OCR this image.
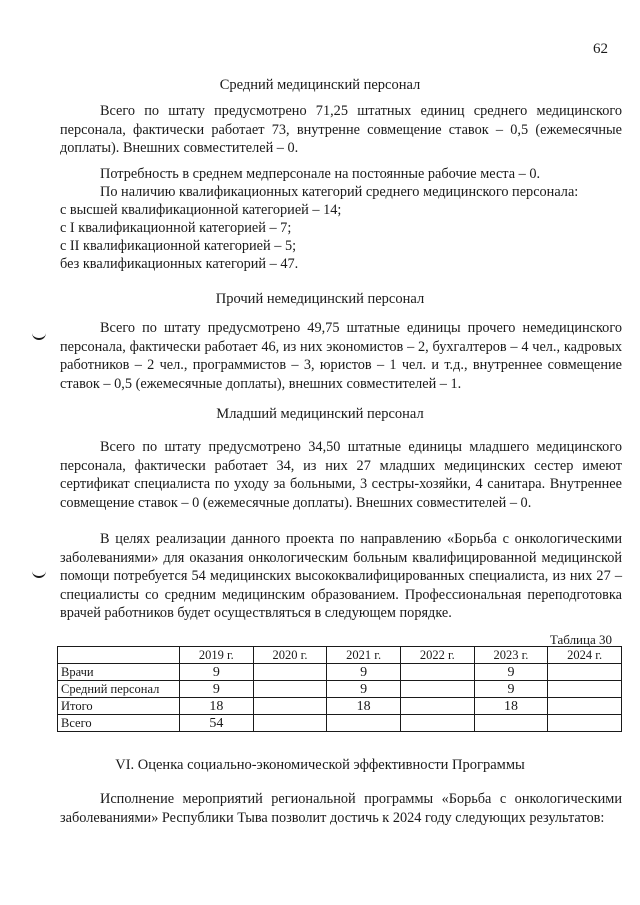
62
Средний медицинский персонал

Всего по штату предусмотрено 71,25 штатных единиц среднего медицинского персонала, фактически работает 73, внутренне совмещение ставок – 0,5 (ежемесячные доплаты). Внешних совместителей – 0.

Потребность в среднем медперсонале на постоянные рабочие места – 0.
По наличию квалификационных категорий среднего медицинского персонала:
с высшей квалификационной категорией – 14;
с I квалификационной категорией – 7;
с II квалификационной категорией – 5;
без квалификационных категорий – 47.
Прочий немедицинский персонал

Всего по штату предусмотрено 49,75 штатные единицы прочего немедицинского персонала, фактически работает 46, из них экономистов – 2, бухгалтеров – 4 чел., кадровых работников – 2 чел., программистов – 3, юристов – 1 чел. и т.д., внутреннее совмещение ставок – 0,5 (ежемесячные доплаты), внешних совместителей – 1.

Младший медицинский персонал

Всего по штату предусмотрено 34,50 штатные единицы младшего медицинского персонала, фактически работает 34, из них 27 младших медицинских сестер имеют сертификат специалиста по уходу за больными, 3 сестры-хозяйки, 4 санитара. Внутреннее совмещение ставок – 0 (ежемесячные доплаты). Внешних совместителей – 0.

В целях реализации данного проекта по направлению «Борьба с онкологическими заболеваниями» для оказания онкологическим больным квалифицированной медицинской помощи потребуется 54 медицинских высококвалифицированных специалиста, из них 27 – специалисты со средним медицинским образованием. Профессиональная переподготовка врачей работников будет осуществляться в следующем порядке.

Таблица 30
	2019 г.	2020 г.	2021 г.	2022 г.	2023 г.	2024 г.
Врачи	9		9		9	
Средний персонал	9		9		9	
Итого	18		18		18	
Всего	54					
VI. Оценка социально-экономической эффективности Программы

Исполнение мероприятий региональной программы «Борьба с онкологическими заболеваниями» Республики Тыва позволит достичь к 2024 году следующих результатов:
